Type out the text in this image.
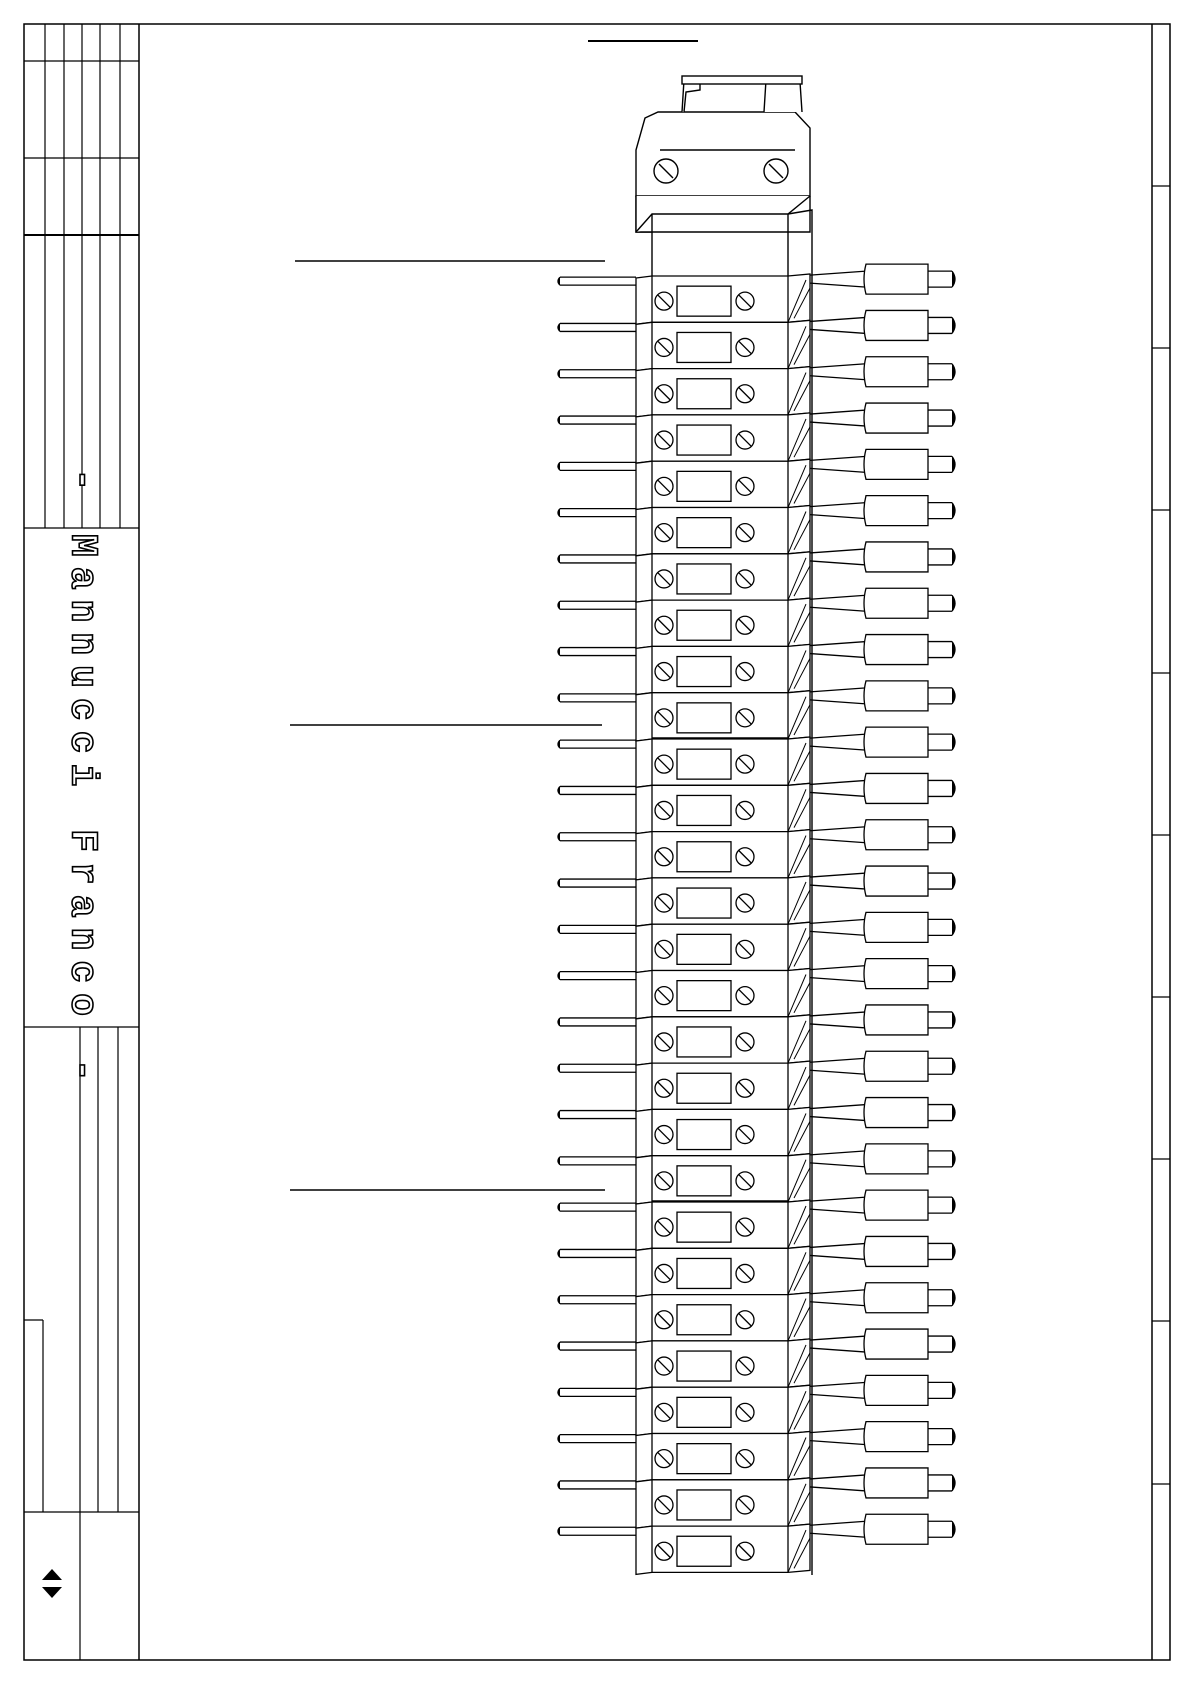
- Mannucci Franco -
